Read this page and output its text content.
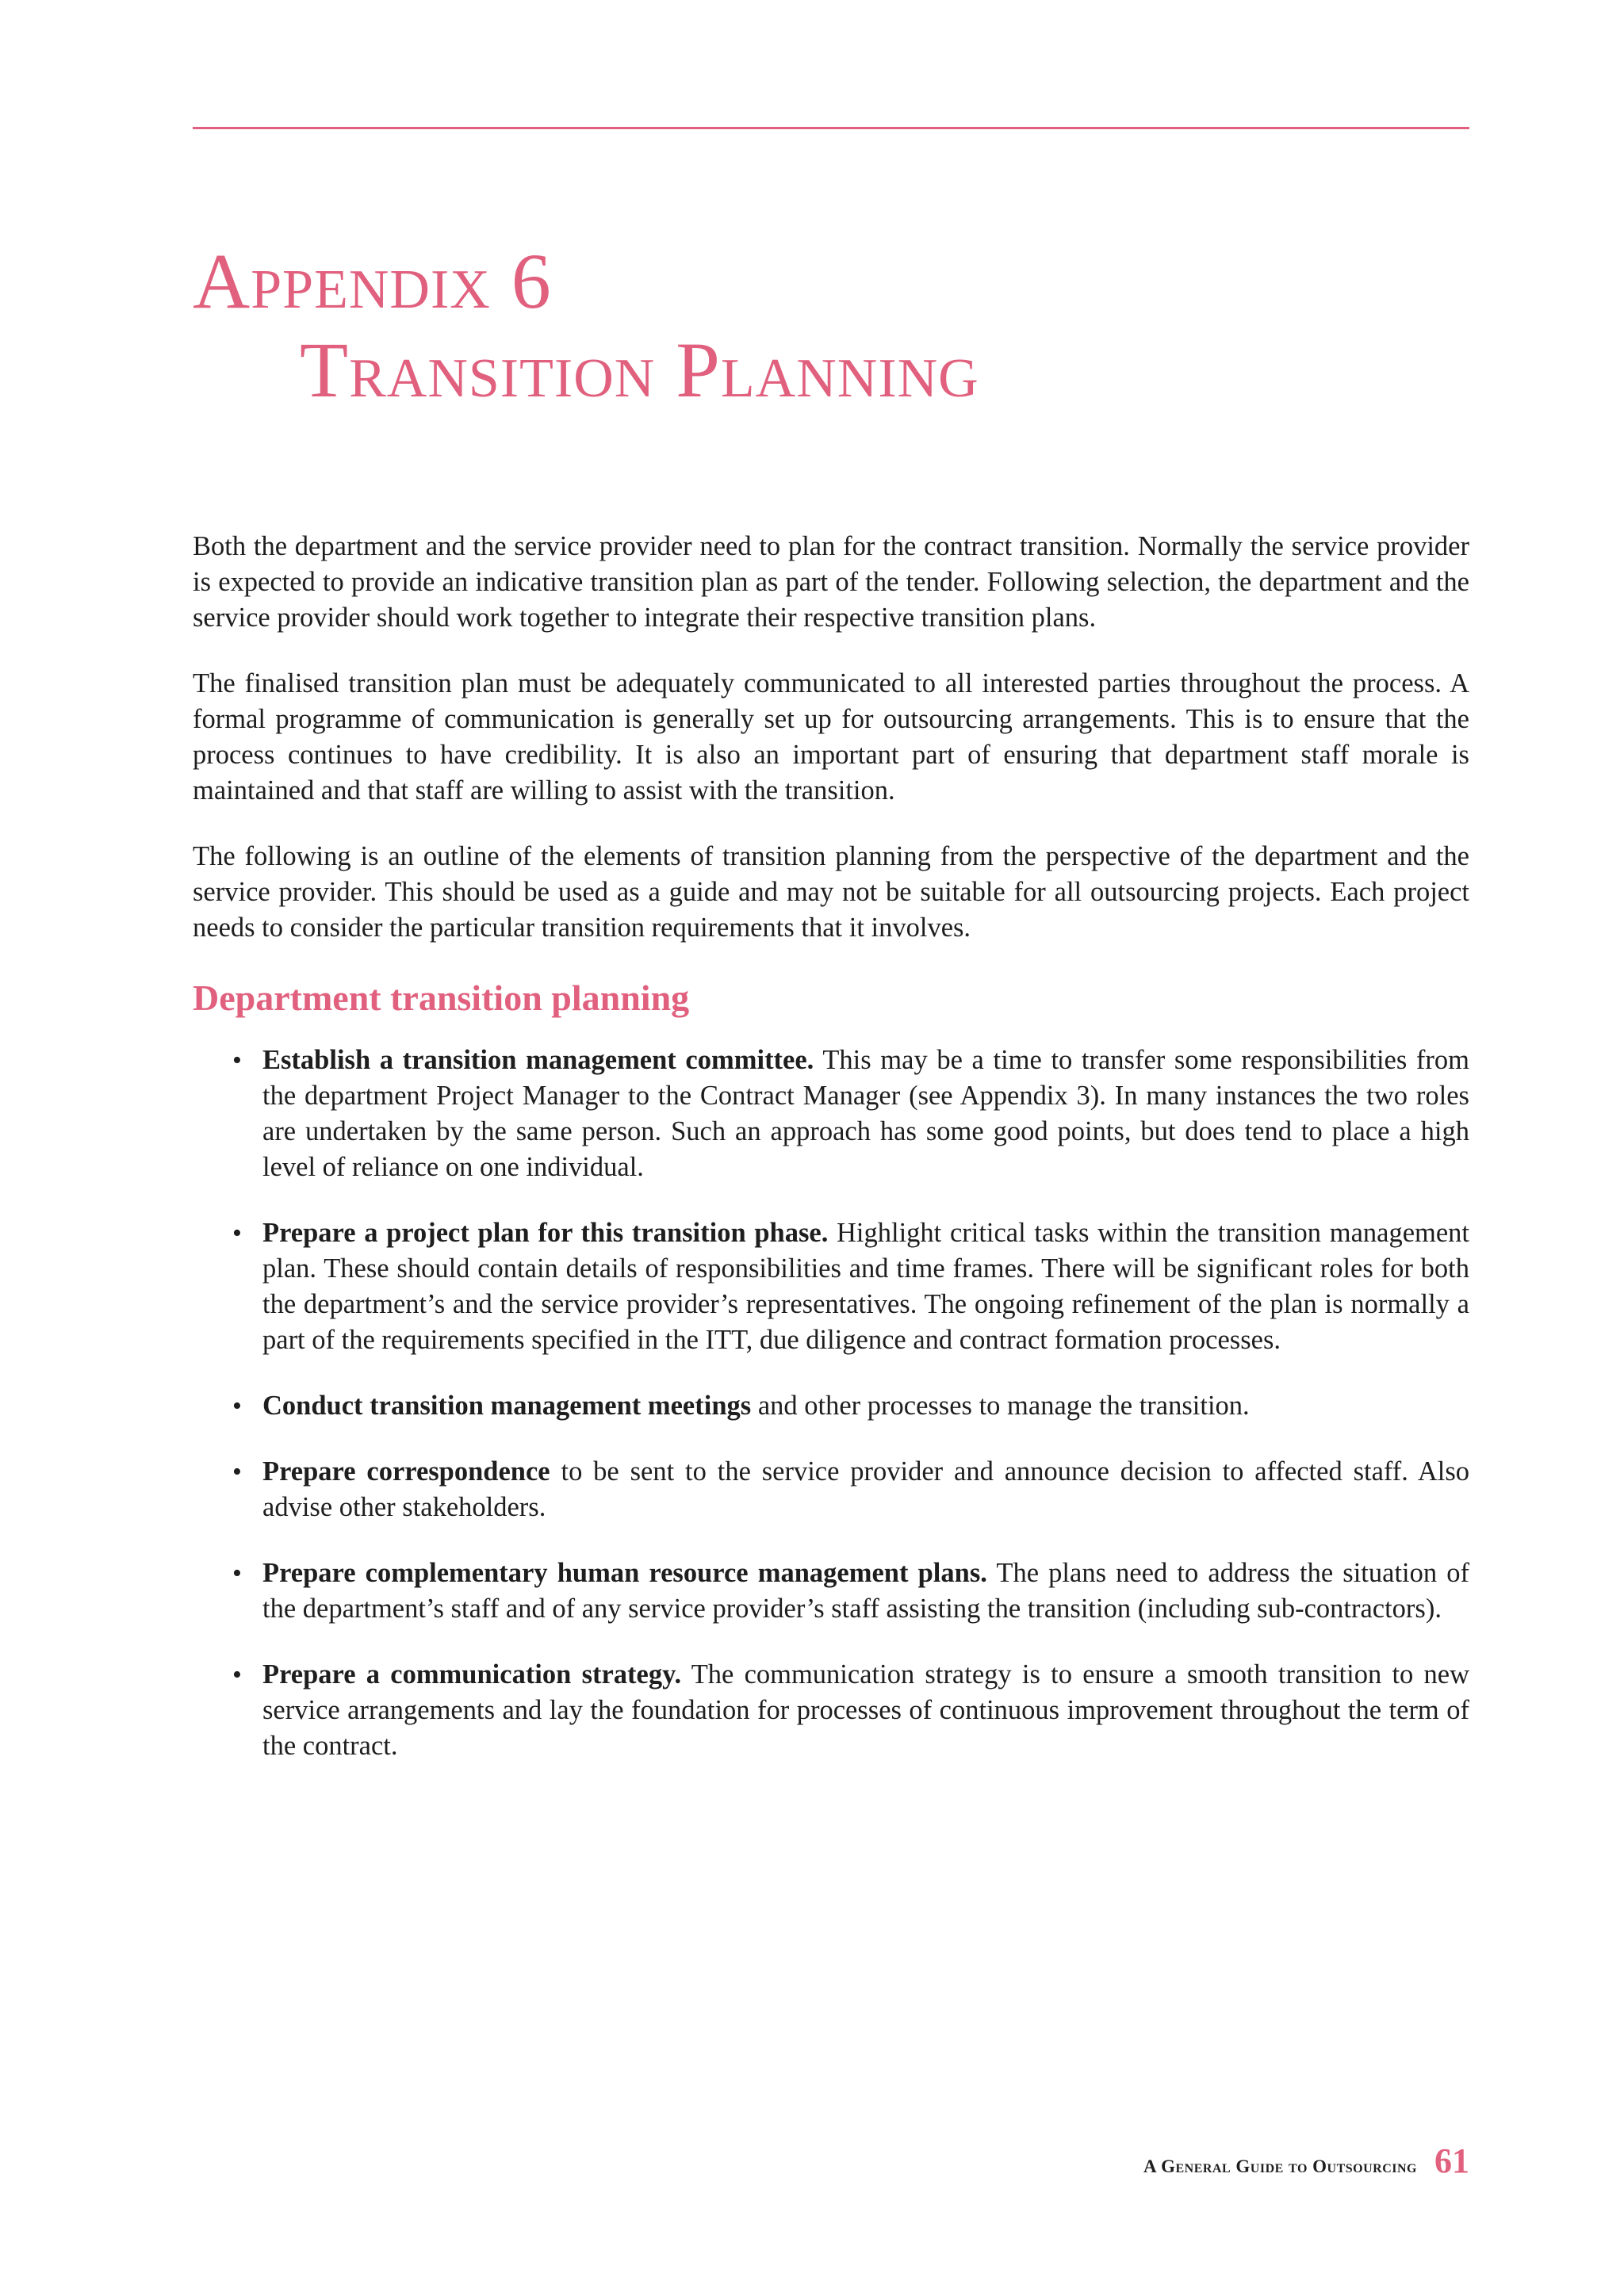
Appendix 6
Transition Planning

Both the department and the service provider need to plan for the contract transition. Normally the service provider is expected to provide an indicative transition plan as part of the tender. Following selection, the department and the service provider should work together to integrate their respective transition plans.

The finalised transition plan must be adequately communicated to all interested parties throughout the process. A formal programme of communication is generally set up for outsourcing arrangements. This is to ensure that the process continues to have credibility. It is also an important part of ensuring that department staff morale is maintained and that staff are willing to assist with the transition.

The following is an outline of the elements of transition planning from the perspective of the department and the service provider. This should be used as a guide and may not be suitable for all outsourcing projects. Each project needs to consider the particular transition requirements that it involves.

Department transition planning
• Establish a transition management committee. This may be a time to transfer some responsibilities from the department Project Manager to the Contract Manager (see Appendix 3). In many instances the two roles are undertaken by the same person. Such an approach has some good points, but does tend to place a high level of reliance on one individual.
• Prepare a project plan for this transition phase. Highlight critical tasks within the transition management plan. These should contain details of responsibilities and time frames. There will be significant roles for both the department’s and the service provider’s representatives. The ongoing refinement of the plan is normally a part of the requirements specified in the ITT, due diligence and contract formation processes.
• Conduct transition management meetings and other processes to manage the transition.
• Prepare correspondence to be sent to the service provider and announce decision to affected staff. Also advise other stakeholders.
• Prepare complementary human resource management plans. The plans need to address the situation of the department’s staff and of any service provider’s staff assisting the transition (including sub-contractors).
• Prepare a communication strategy. The communication strategy is to ensure a smooth transition to new service arrangements and lay the foundation for processes of continuous improvement throughout the term of the contract.
A General Guide to Outsourcing 61
